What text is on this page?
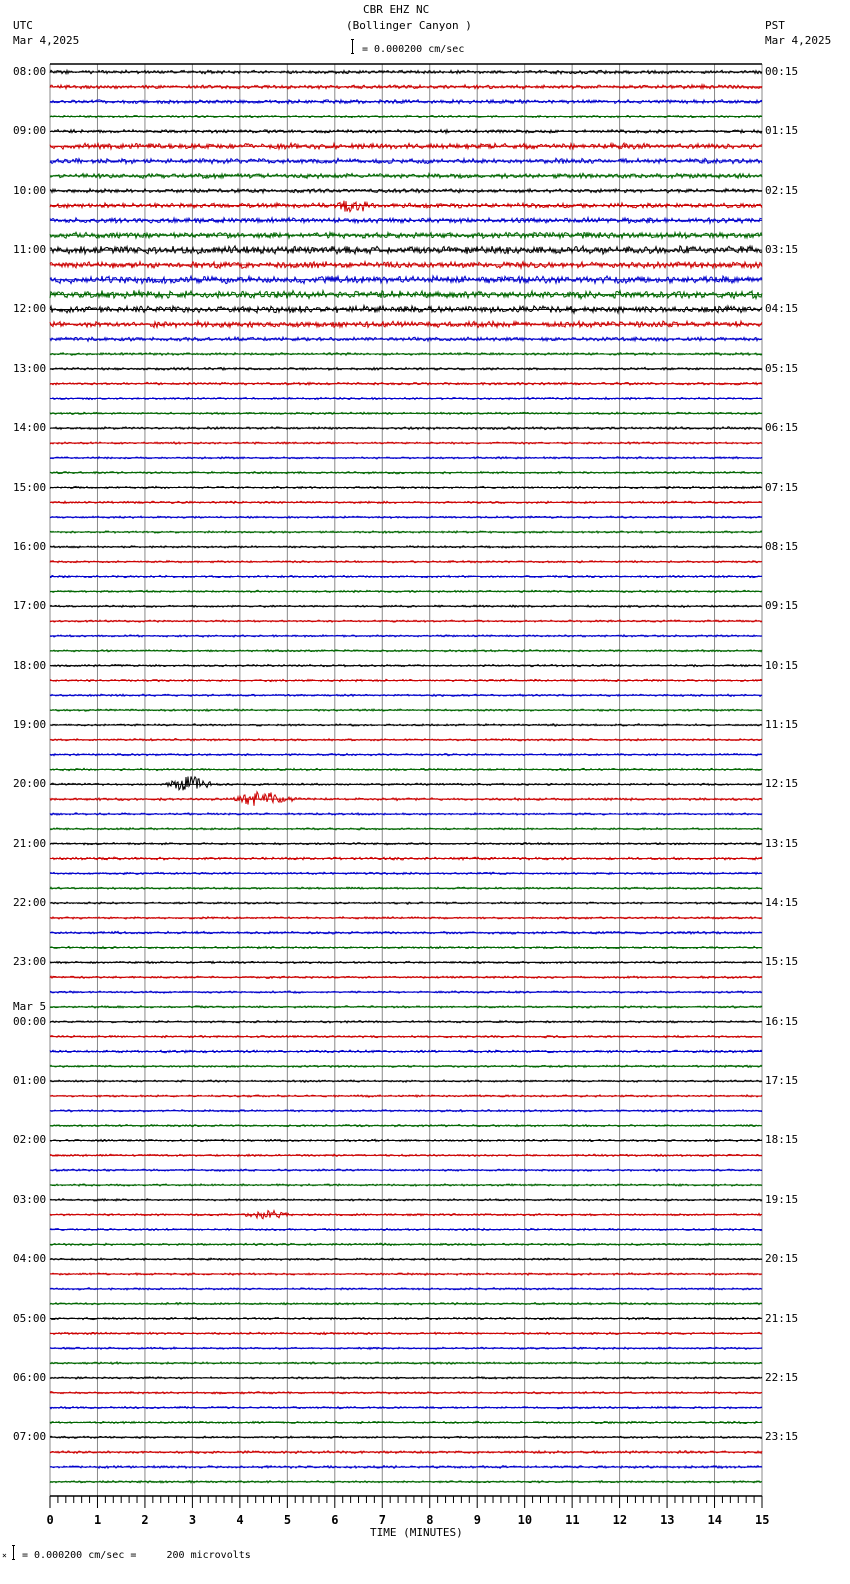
CBR EHZ NC
(Bollinger Canyon )
UTC
Mar 4,2025
PST
Mar 4,2025
= 0.000200 cm/sec
× = 0.000200 cm/sec =     200 microvolts
08:00	00:15
09:00	01:15
10:00	02:15
11:00	03:15
12:00	04:15
13:00	05:15
14:00	06:15
15:00	07:15
16:00	08:15
17:00	09:15
18:00	10:15
19:00	11:15
20:00	12:15
21:00	13:15
22:00	14:15
23:00	15:15
00:00	16:15
01:00	17:15
02:00	18:15
03:00	19:15
04:00	20:15
05:00	21:15
06:00	22:15
07:00	23:15
Mar 5
0	1	2	3	4	5	6	7	8	9	10	11	12	13	14	15
TIME (MINUTES)
